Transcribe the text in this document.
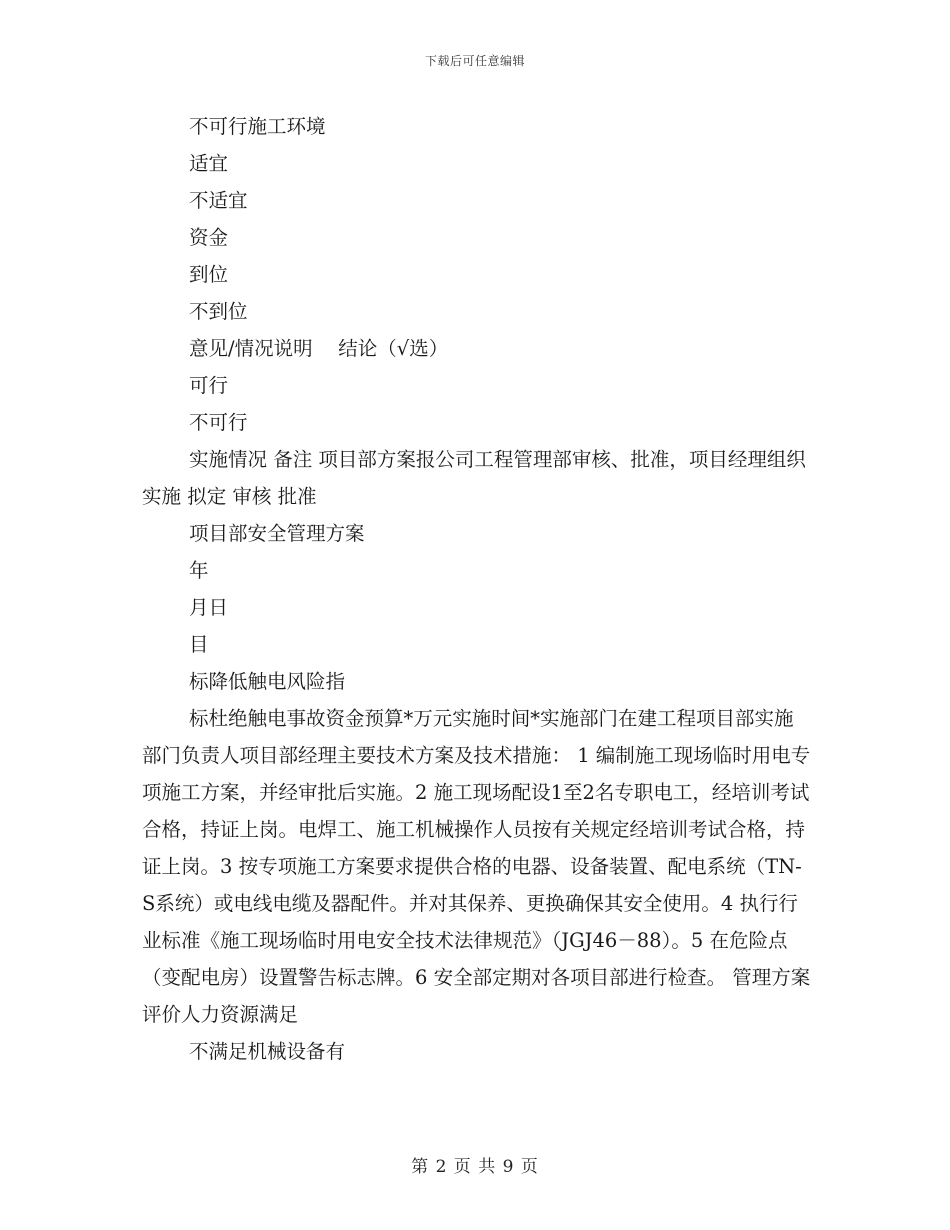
下载后可任意编辑

不可行施工环境

适宜

不适宜

资金

到位

不到位

意见/情况说明　 结论（√选）

可行

不可行

实施情况 备注 项目部方案报公司工程管理部审核、批准，项目经理组织实施 拟定 审核 批准

项目部安全管理方案

年

月日

目

标降低触电风险指

标杜绝触电事故资金预算*万元实施时间*实施部门在建工程项目部实施部门负责人项目部经理主要技术方案及技术措施： 1 编制施工现场临时用电专项施工方案，并经审批后实施。2 施工现场配设1至2名专职电工，经培训考试合格，持证上岗。电焊工、施工机械操作人员按有关规定经培训考试合格，持证上岗。3 按专项施工方案要求提供合格的电器、设备装置、配电系统（TN-S系统）或电线电缆及器配件。并对其保养、更换确保其安全使用。4 执行行业标准《施工现场临时用电安全技术法律规范》（JGJ46－88）。5 在危险点（变配电房）设置警告标志牌。6 安全部定期对各项目部进行检查。 管理方案评价人力资源满足

不满足机械设备有

第 2 页 共 9 页
